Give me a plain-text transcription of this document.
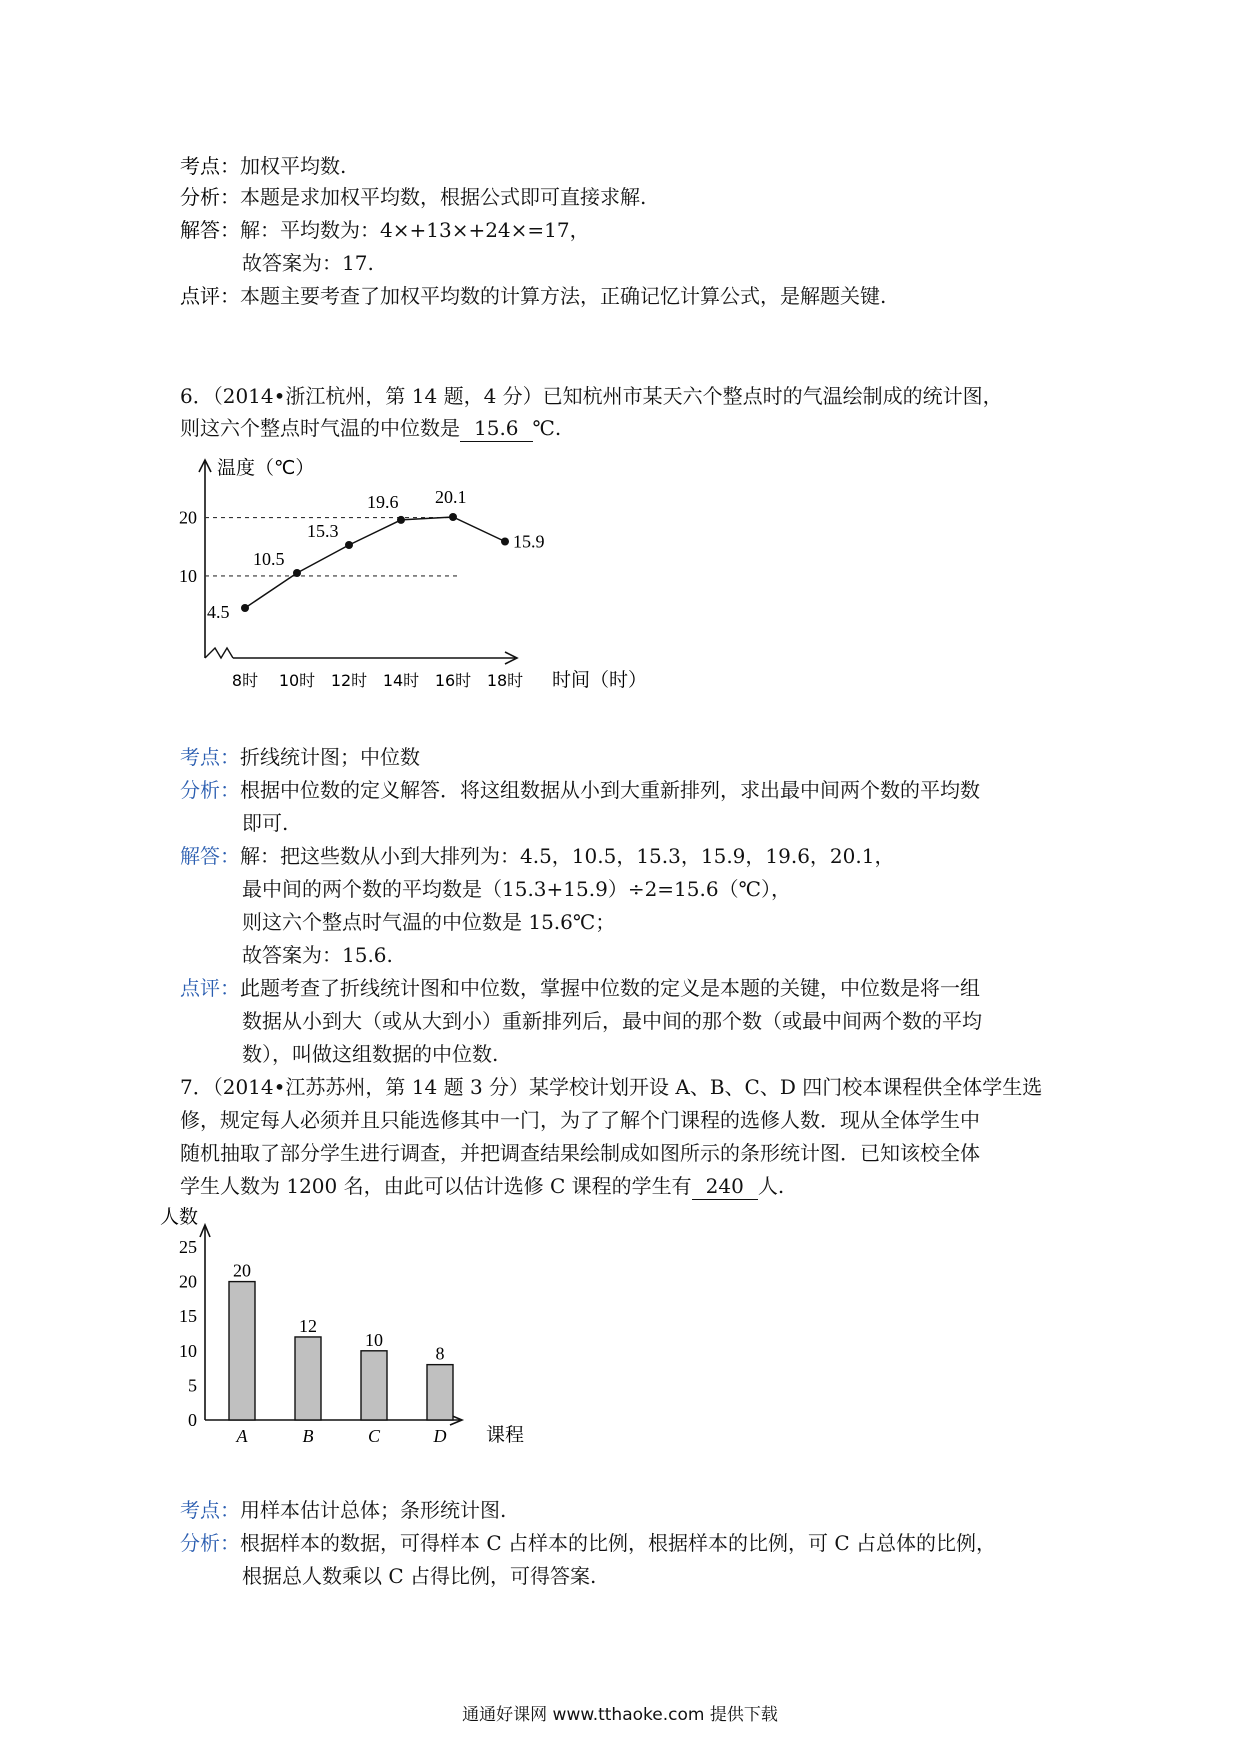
考点：加权平均数.
分析：本题是求加权平均数，根据公式即可直接求解.
解答：解：平均数为：4×+13×+24×=17，
故答案为：17.
点评：本题主要考查了加权平均数的计算方法，正确记忆计算公式，是解题关键.
6．（2014•浙江杭州，第 14 题，4 分）已知杭州市某天六个整点时的气温绘制成的统计图，
则这六个整点时气温的中位数是 15.6 ℃.
温度（℃）
时间（时）
10
20
8时 10时 12时 14时 16时 18时
4.5
10.5
15.3
19.6 20.1
15.9
考点：折线统计图；中位数
分析：根据中位数的定义解答．将这组数据从小到大重新排列，求出最中间两个数的平均数
即可.
解答：解：把这些数从小到大排列为：4.5，10.5，15.3，15.9，19.6，20.1，
最中间的两个数的平均数是（15.3+15.9）÷2=15.6（℃），
则这六个整点时气温的中位数是 15.6℃；
故答案为：15.6.
点评：此题考查了折线统计图和中位数，掌握中位数的定义是本题的关键，中位数是将一组
数据从小到大（或从大到小）重新排列后，最中间的那个数（或最中间两个数的平均
数），叫做这组数据的中位数.
7．（2014•江苏苏州，第 14 题 3 分）某学校计划开设 A、B、C、D 四门校本课程供全体学生选
修，规定每人必须并且只能选修其中一门，为了了解个门课程的选修人数．现从全体学生中
随机抽取了部分学生进行调查，并把调查结果绘制成如图所示的条形统计图．已知该校全体
学生人数为 1200 名，由此可以估计选修 C 课程的学生有 240 人.
人数
课程
0
5
10
15
20
25
20
A
12
B
10
C
8
D
考点：用样本估计总体；条形统计图.
分析：根据样本的数据，可得样本 C 占样本的比例，根据样本的比例，可 C 占总体的比例，
根据总人数乘以 C 占得比例，可得答案.
通通好课网 www.tthaoke.com 提供下载
